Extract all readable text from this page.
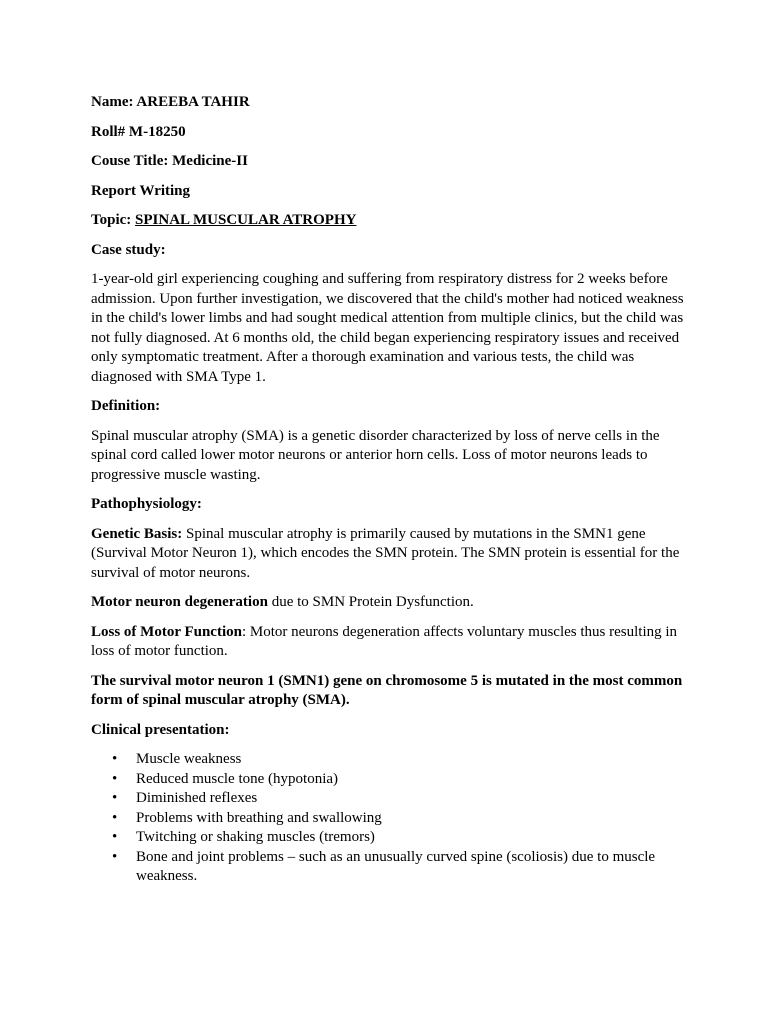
Name: AREEBA TAHIR

Roll# M-18250

Couse Title: Medicine-II

Report Writing

Topic: SPINAL MUSCULAR ATROPHY

Case study:

1-year-old girl experiencing coughing and suffering from respiratory distress for 2 weeks before admission. Upon further investigation, we discovered that the child's mother had noticed weakness in the child's lower limbs and had sought medical attention from multiple clinics, but the child was not fully diagnosed. At 6 months old, the child began experiencing respiratory issues and received only symptomatic treatment. After a thorough examination and various tests, the child was diagnosed with SMA Type 1.

Definition:

Spinal muscular atrophy (SMA) is a genetic disorder characterized by loss of nerve cells in the spinal cord called lower motor neurons or anterior horn cells. Loss of motor neurons leads to progressive muscle wasting.

Pathophysiology:

Genetic Basis: Spinal muscular atrophy is primarily caused by mutations in the SMN1 gene (Survival Motor Neuron 1), which encodes the SMN protein. The SMN protein is essential for the survival of motor neurons.

Motor neuron degeneration due to SMN Protein Dysfunction.

Loss of Motor Function: Motor neurons degeneration affects voluntary muscles thus resulting in loss of motor function.

The survival motor neuron 1 (SMN1) gene on chromosome 5 is mutated in the most common form of spinal muscular atrophy (SMA).

Clinical presentation:

• Muscle weakness
• Reduced muscle tone (hypotonia)
• Diminished reflexes
• Problems with breathing and swallowing
• Twitching or shaking muscles (tremors)
• Bone and joint problems – such as an unusually curved spine (scoliosis) due to muscle weakness.
